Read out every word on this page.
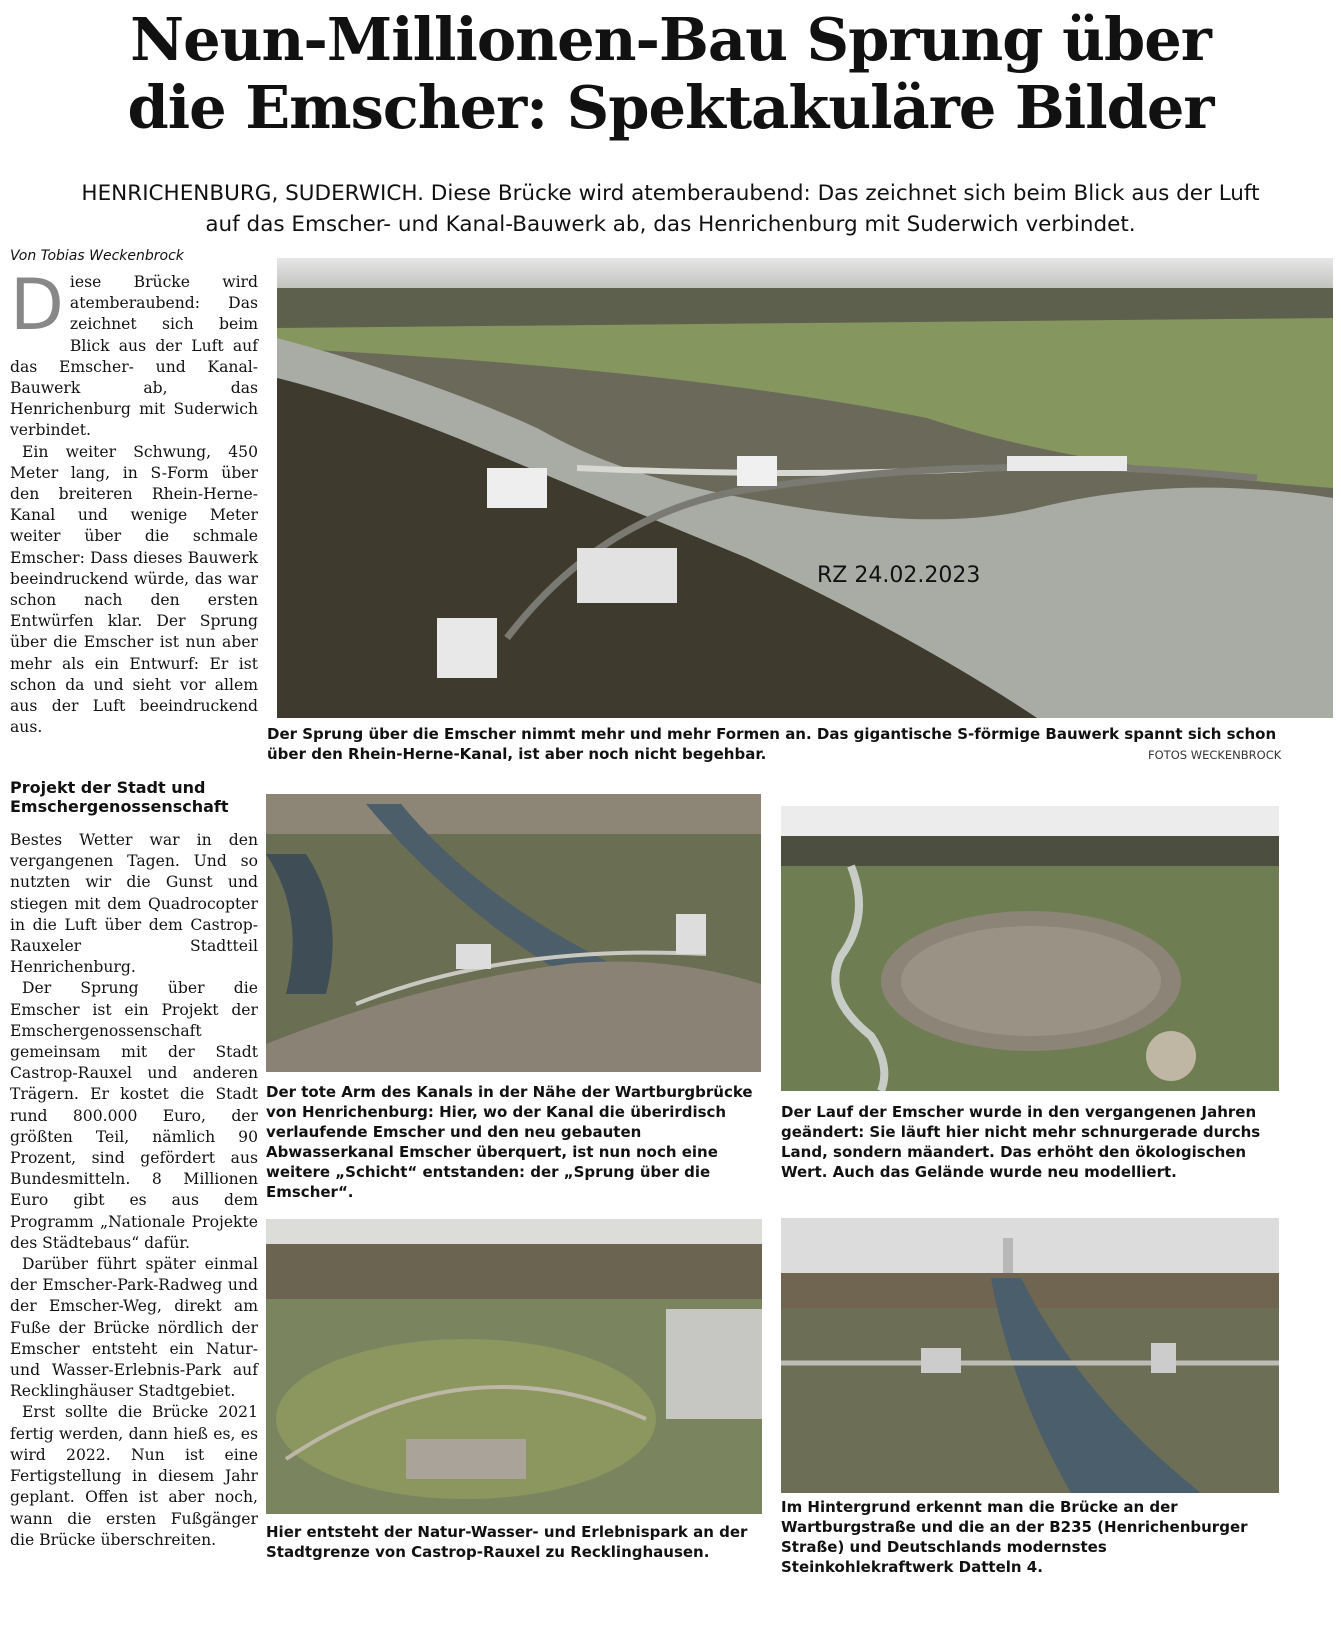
Neun-Millionen-Bau Sprung über
die Emscher: Spektakuläre Bilder
HENRICHENBURG, SUDERWICH. Diese Brücke wird atemberaubend: Das zeichnet sich beim Blick aus der Luft
auf das Emscher- und Kanal-Bauwerk ab, das Henrichenburg mit Suderwich verbindet.
Von Tobias Weckenbrock

Diese Brücke wird atemberaubend: Das zeichnet sich beim Blick aus der Luft auf das Emscher- und Kanal-Bauwerk ab, das Henrichenburg mit Suderwich verbindet.

Ein weiter Schwung, 450 Meter lang, in S-Form über den breiteren Rhein-Herne-Kanal und wenige Meter weiter über die schmale Emscher: Dass dieses Bauwerk beeindruckend würde, das war schon nach den ersten Entwürfen klar. Der Sprung über die Emscher ist nun aber mehr als ein Entwurf: Er ist schon da und sieht vor allem aus der Luft beeindruckend aus.

Projekt der Stadt und Emschergenossenschaft

Bestes Wetter war in den vergangenen Tagen. Und so nutzten wir die Gunst und stiegen mit dem Quadrocopter in die Luft über dem Castrop-Rauxeler Stadtteil Henrichenburg.

Der Sprung über die Emscher ist ein Projekt der Emschergenossenschaft gemeinsam mit der Stadt Castrop-Rauxel und anderen Trägern. Er kostet die Stadt rund 800.000 Euro, der größten Teil, nämlich 90 Prozent, sind gefördert aus Bundesmitteln. 8 Millionen Euro gibt es aus dem Programm „Nationale Projekte des Städtebaus“ dafür.

Darüber führt später einmal der Emscher-Park-Radweg und der Emscher-Weg, direkt am Fuße der Brücke nördlich der Emscher entsteht ein Natur- und Wasser-Erlebnis-Park auf Recklinghäuser Stadtgebiet.

Erst sollte die Brücke 2021 fertig werden, dann hieß es, es wird 2022. Nun ist eine Fertigstellung in diesem Jahr geplant. Offen ist aber noch, wann die ersten Fußgänger die Brücke überschreiten.

RZ 24.02.2023
Der Sprung über die Emscher nimmt mehr und mehr Formen an. Das gigantische S-förmige Bauwerk spannt sich schon über den Rhein-Herne-Kanal, ist aber noch nicht begehbar.	FOTOS WECKENBROCK
Der tote Arm des Kanals in der Nähe der Wartburgbrücke von Henrichenburg: Hier, wo der Kanal die überirdisch verlaufende Emscher und den neu gebauten Abwasserkanal Emscher überquert, ist nun noch eine weitere „Schicht“ entstanden: der „Sprung über die Emscher“.
Der Lauf der Emscher wurde in den vergangenen Jahren geändert: Sie läuft hier nicht mehr schnurgerade durchs Land, sondern mäandert. Das erhöht den ökologischen Wert. Auch das Gelände wurde neu modelliert.
Hier entsteht der Natur-Wasser- und Erlebnispark an der Stadtgrenze von Castrop-Rauxel zu Recklinghausen.
Im Hintergrund erkennt man die Brücke an der Wartburgstraße und die an der B235 (Henrichenburger Straße) und Deutschlands modernstes Steinkohlekraftwerk Datteln 4.
